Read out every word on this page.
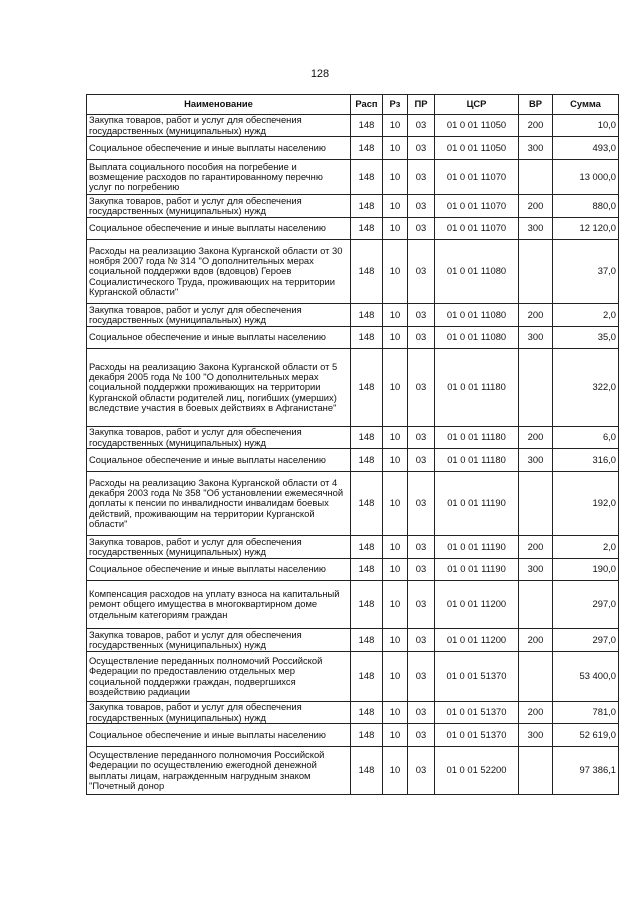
128
Наименование	Расп	Рз	ПР	ЦСР	ВР	Сумма
Закупка товаров, работ и услуг для обеспечения государственных (муниципальных) нужд	148	10	03	01 0 01 11050	200	10,0
Социальное обеспечение и иные выплаты населению	148	10	03	01 0 01 11050	300	493,0
Выплата социального пособия на погребение и возмещение расходов по гарантированному перечню услуг по погребению	148	10	03	01 0 01 11070		13 000,0
Закупка товаров, работ и услуг для обеспечения государственных (муниципальных) нужд	148	10	03	01 0 01 11070	200	880,0
Социальное обеспечение и иные выплаты населению	148	10	03	01 0 01 11070	300	12 120,0
Расходы на реализацию Закона Курганской области от 30 ноября 2007 года № 314 "О дополнительных мерах социальной поддержки вдов (вдовцов) Героев Социалистического Труда, проживающих на территории Курганской области"	148	10	03	01 0 01 11080		37,0
Закупка товаров, работ и услуг для обеспечения государственных (муниципальных) нужд	148	10	03	01 0 01 11080	200	2,0
Социальное обеспечение и иные выплаты населению	148	10	03	01 0 01 11080	300	35,0
Расходы на реализацию Закона Курганской области от 5 декабря 2005 года № 100 "О дополнительных мерах социальной поддержки проживающих на территории Курганской области родителей лиц, погибших (умерших) вследствие участия в боевых действиях в Афганистане"	148	10	03	01 0 01 11180		322,0
Закупка товаров, работ и услуг для обеспечения государственных (муниципальных) нужд	148	10	03	01 0 01 11180	200	6,0
Социальное обеспечение и иные выплаты населению	148	10	03	01 0 01 11180	300	316,0
Расходы на реализацию Закона Курганской области от 4 декабря 2003 года № 358 "Об установлении ежемесячной доплаты к пенсии по инвалидности инвалидам боевых действий, проживающим на территории Курганской области"	148	10	03	01 0 01 11190		192,0
Закупка товаров, работ и услуг для обеспечения государственных (муниципальных) нужд	148	10	03	01 0 01 11190	200	2,0
Социальное обеспечение и иные выплаты населению	148	10	03	01 0 01 11190	300	190,0
Компенсация расходов на уплату взноса на капитальный ремонт общего имущества в многоквартирном доме отдельным категориям граждан	148	10	03	01 0 01 11200		297,0
Закупка товаров, работ и услуг для обеспечения государственных (муниципальных) нужд	148	10	03	01 0 01 11200	200	297,0
Осуществление переданных полномочий Российской Федерации по предоставлению отдельных мер социальной поддержки граждан, подвергшихся воздействию радиации	148	10	03	01 0 01 51370		53 400,0
Закупка товаров, работ и услуг для обеспечения государственных (муниципальных) нужд	148	10	03	01 0 01 51370	200	781,0
Социальное обеспечение и иные выплаты населению	148	10	03	01 0 01 51370	300	52 619,0
Осуществление переданного полномочия Российской Федерации по осуществлению ежегодной денежной выплаты лицам, награжденным нагрудным знаком "Почетный донор	148	10	03	01 0 01 52200		97 386,1
